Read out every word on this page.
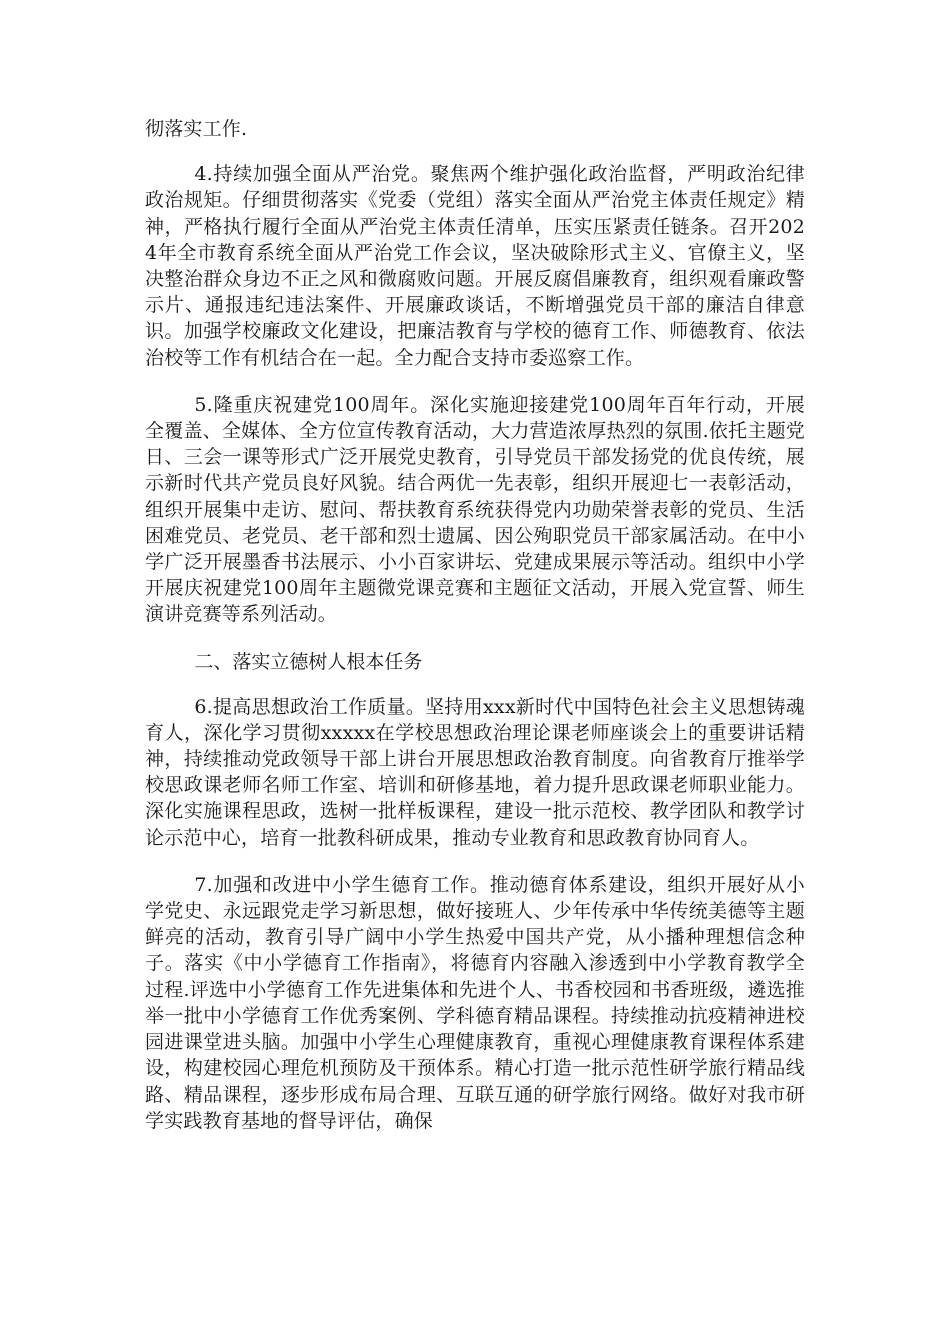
彻落实工作.

4.持续加强全面从严治党。聚焦两个维护强化政治监督，严明政治纪律政治规矩。仔细贯彻落实《党委（党组）落实全面从严治党主体责任规定》精神，严格执行履行全面从严治党主体责任清单，压实压紧责任链条。召开2024年全市教育系统全面从严治党工作会议，坚决破除形式主义、官僚主义，坚决整治群众身边不正之风和微腐败问题。开展反腐倡廉教育，组织观看廉政警示片、通报违纪违法案件、开展廉政谈话，不断增强党员干部的廉洁自律意识。加强学校廉政文化建设，把廉洁教育与学校的德育工作、师德教育、依法治校等工作有机结合在一起。全力配合支持市委巡察工作。

5.隆重庆祝建党100周年。深化实施迎接建党100周年百年行动，开展全覆盖、全媒体、全方位宣传教育活动，大力营造浓厚热烈的氛围.依托主题党日、三会一课等形式广泛开展党史教育，引导党员干部发扬党的优良传统，展示新时代共产党员良好风貌。结合两优一先表彰，组织开展迎七一表彰活动，组织开展集中走访、慰问、帮扶教育系统获得党内功勋荣誉表彰的党员、生活困难党员、老党员、老干部和烈士遗属、因公殉职党员干部家属活动。在中小学广泛开展墨香书法展示、小小百家讲坛、党建成果展示等活动。组织中小学开展庆祝建党100周年主题微党课竞赛和主题征文活动，开展入党宣誓、师生演讲竞赛等系列活动。

二、落实立德树人根本任务

6.提高思想政治工作质量。坚持用xxx新时代中国特色社会主义思想铸魂育人，深化学习贯彻xxxxx在学校思想政治理论课老师座谈会上的重要讲话精神，持续推动党政领导干部上讲台开展思想政治教育制度。向省教育厅推举学校思政课老师名师工作室、培训和研修基地，着力提升思政课老师职业能力。深化实施课程思政，选树一批样板课程，建设一批示范校、教学团队和教学讨论示范中心，培育一批教科研成果，推动专业教育和思政教育协同育人。

7.加强和改进中小学生德育工作。推动德育体系建设，组织开展好从小学党史、永远跟党走学习新思想，做好接班人、少年传承中华传统美德等主题鲜亮的活动，教育引导广阔中小学生热爱中国共产党，从小播种理想信念种子。落实《中小学德育工作指南》，将德育内容融入渗透到中小学教育教学全过程.评选中小学德育工作先进集体和先进个人、书香校园和书香班级，遴选推举一批中小学德育工作优秀案例、学科德育精品课程。持续推动抗疫精神进校园进课堂进头脑。加强中小学生心理健康教育，重视心理健康教育课程体系建设，构建校园心理危机预防及干预体系。精心打造一批示范性研学旅行精品线路、精品课程，逐步形成布局合理、互联互通的研学旅行网络。做好对我市研学实践教育基地的督导评估，确保
